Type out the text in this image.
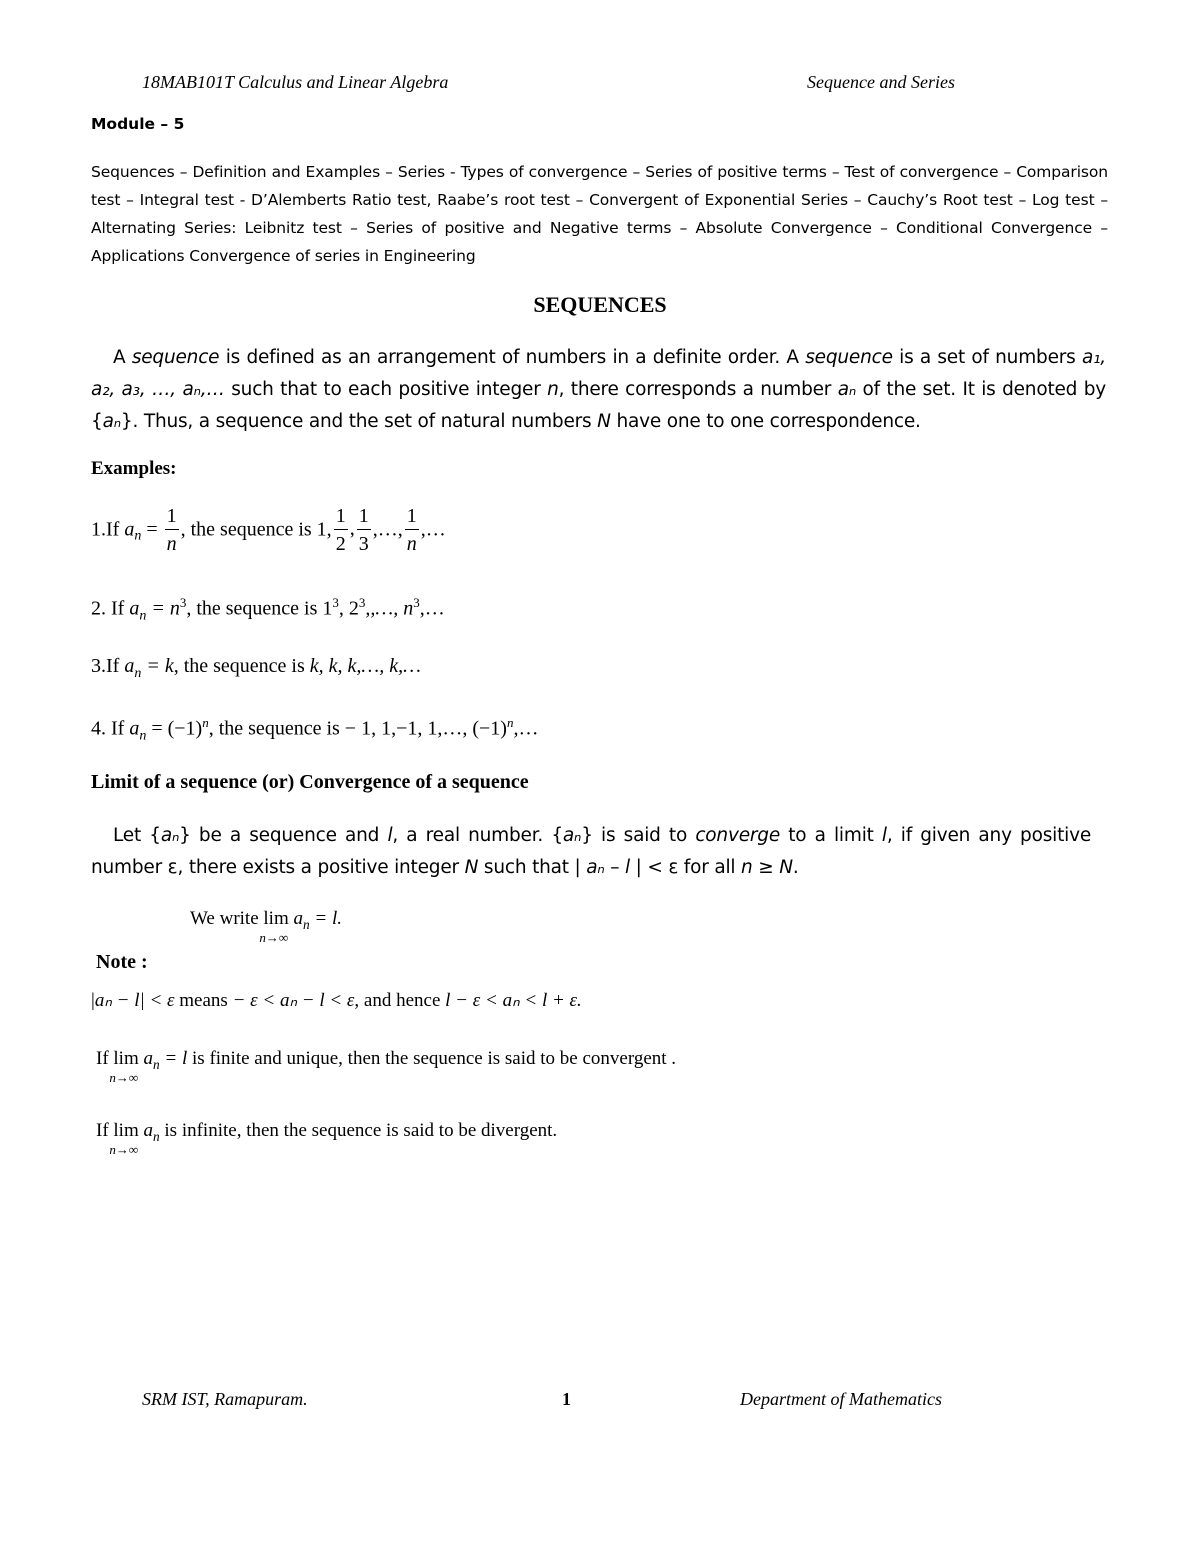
18MAB101T Calculus and Linear Algebra	Sequence and Series
Module – 5
Sequences – Definition and Examples – Series - Types of convergence – Series of positive terms – Test of convergence – Comparison test – Integral test - D’Alemberts Ratio test, Raabe’s root test – Convergent of Exponential Series – Cauchy’s Root test – Log test – Alternating Series: Leibnitz test – Series of positive and Negative terms – Absolute Convergence – Conditional Convergence – Applications Convergence of series in Engineering
SEQUENCES
A sequence is defined as an arrangement of numbers in a definite order. A sequence is a set of numbers a₁, a₂, a₃, …, aₙ,… such that to each positive integer n, there corresponds a number aₙ of the set. It is denoted by {aₙ}. Thus, a sequence and the set of natural numbers N have one to one correspondence.
Examples:
1.If $a_n = \frac{1}{n}$ , the sequence is 1, $\frac{1}{2}$ , $\frac{1}{3}$ ,…, $\frac{1}{n}$ ,…
2. If $a_n = n^3$, the sequence is $1^3$, $2^3,,\dots$, $n^3,\dots$
3.If $a_n = k$, the sequence is k, k, k,…, k,…
4. If $a_n = (-1)^n$, the sequence is − 1, 1,−1, 1,…, $(-1)^n,\dots$
Limit of a sequence (or) Convergence of a sequence
Let {aₙ} be a sequence and l, a real number. {aₙ} is said to converge to a limit l, if given any positive number ε, there exists a positive integer N such that | aₙ – l | < ε for all n ≥ N.
We write lim
n→∞
$a_n = l$.
Note :
|aₙ − l| < ε means − ε < aₙ − l < ε, and hence l − ε < aₙ < l + ε.
If lim
n→∞
$a_n = l$ is finite and unique, then the sequence is said to be convergent .
If lim
n→∞
$a_n$ is infinite, then the sequence is said to be divergent.
SRM IST, Ramapuram.	1	Department of Mathematics
